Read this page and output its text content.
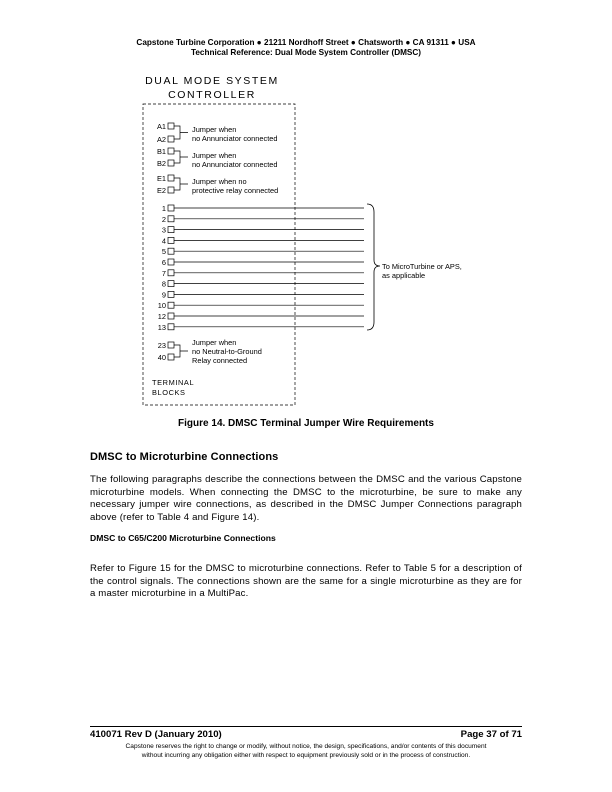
Capstone Turbine Corporation ● 21211 Nordhoff Street ● Chatsworth ● CA 91311 ● USA
Technical Reference: Dual Mode System Controller (DMSC)
DUAL MODE SYSTEM
CONTROLLER
A1
A2
Jumper when
no Annunciator connected
B1
B2
Jumper when
no Annunciator connected
E1
E2
Jumper when no
protective relay connected
1
2
3
4
5
6
7
8
9
10
12
13
To MicroTurbine or APS,
as applicable
23
40
Jumper when
no Neutral-to-Ground
Relay connected
TERMINAL
BLOCKS
Figure 14. DMSC Terminal Jumper Wire Requirements
DMSC to Microturbine Connections
The following paragraphs describe the connections between the DMSC and the various Capstone microturbine models. When connecting the DMSC to the microturbine, be sure to make any necessary jumper wire connections, as described in the DMSC Jumper Connections paragraph above (refer to Table 4 and Figure 14).
DMSC to C65/C200 Microturbine Connections
Refer to Figure 15 for the DMSC to microturbine connections. Refer to Table 5 for a description of the control signals. The connections shown are the same for a single microturbine as they are for a master microturbine in a MultiPac.
410071 Rev D (January 2010)	Page 37 of 71
Capstone reserves the right to change or modify, without notice, the design, specifications, and/or contents of this document
without incurring any obligation either with respect to equipment previously sold or in the process of construction.
